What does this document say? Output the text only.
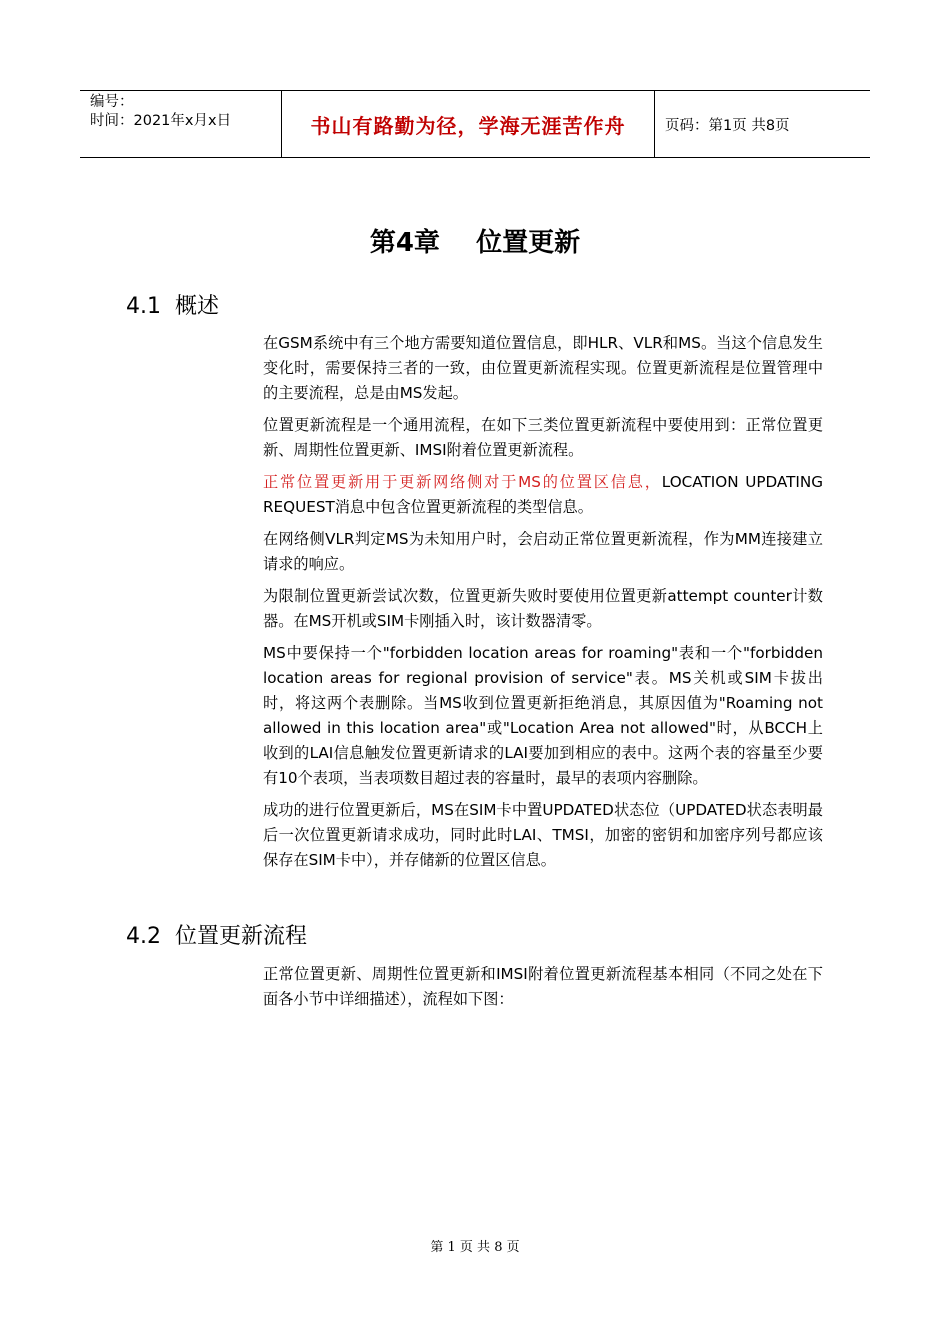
编号：
时间：2021年x月x日	书山有路勤为径，学海无涯苦作舟	页码：第1页 共8页
第4章    位置更新
4.1  概述

在GSM系统中有三个地方需要知道位置信息，即HLR、VLR和MS。当这个信息发生变化时，需要保持三者的一致，由位置更新流程实现。位置更新流程是位置管理中的主要流程，总是由MS发起。

位置更新流程是一个通用流程，在如下三类位置更新流程中要使用到：正常位置更新、周期性位置更新、IMSI附着位置更新流程。

正常位置更新用于更新网络侧对于MS的位置区信息，LOCATION UPDATING REQUEST消息中包含位置更新流程的类型信息。

在网络侧VLR判定MS为未知用户时，会启动正常位置更新流程，作为MM连接建立请求的响应。

为限制位置更新尝试次数，位置更新失败时要使用位置更新attempt counter计数器。在MS开机或SIM卡刚插入时，该计数器清零。

MS中要保持一个"forbidden location areas for roaming"表和一个"forbidden location areas for regional provision of service"表。MS关机或SIM卡拔出时，将这两个表删除。当MS收到位置更新拒绝消息，其原因值为"Roaming not allowed in this location area"或"Location Area not allowed"时，从BCCH上收到的LAI信息触发位置更新请求的LAI要加到相应的表中。这两个表的容量至少要有10个表项，当表项数目超过表的容量时，最早的表项内容删除。

成功的进行位置更新后，MS在SIM卡中置UPDATED状态位（UPDATED状态表明最后一次位置更新请求成功，同时此时LAI、TMSI，加密的密钥和加密序列号都应该保存在SIM卡中），并存储新的位置区信息。

4.2  位置更新流程

正常位置更新、周期性位置更新和IMSI附着位置更新流程基本相同（不同之处在下面各小节中详细描述），流程如下图：

第 1 页 共 8 页
